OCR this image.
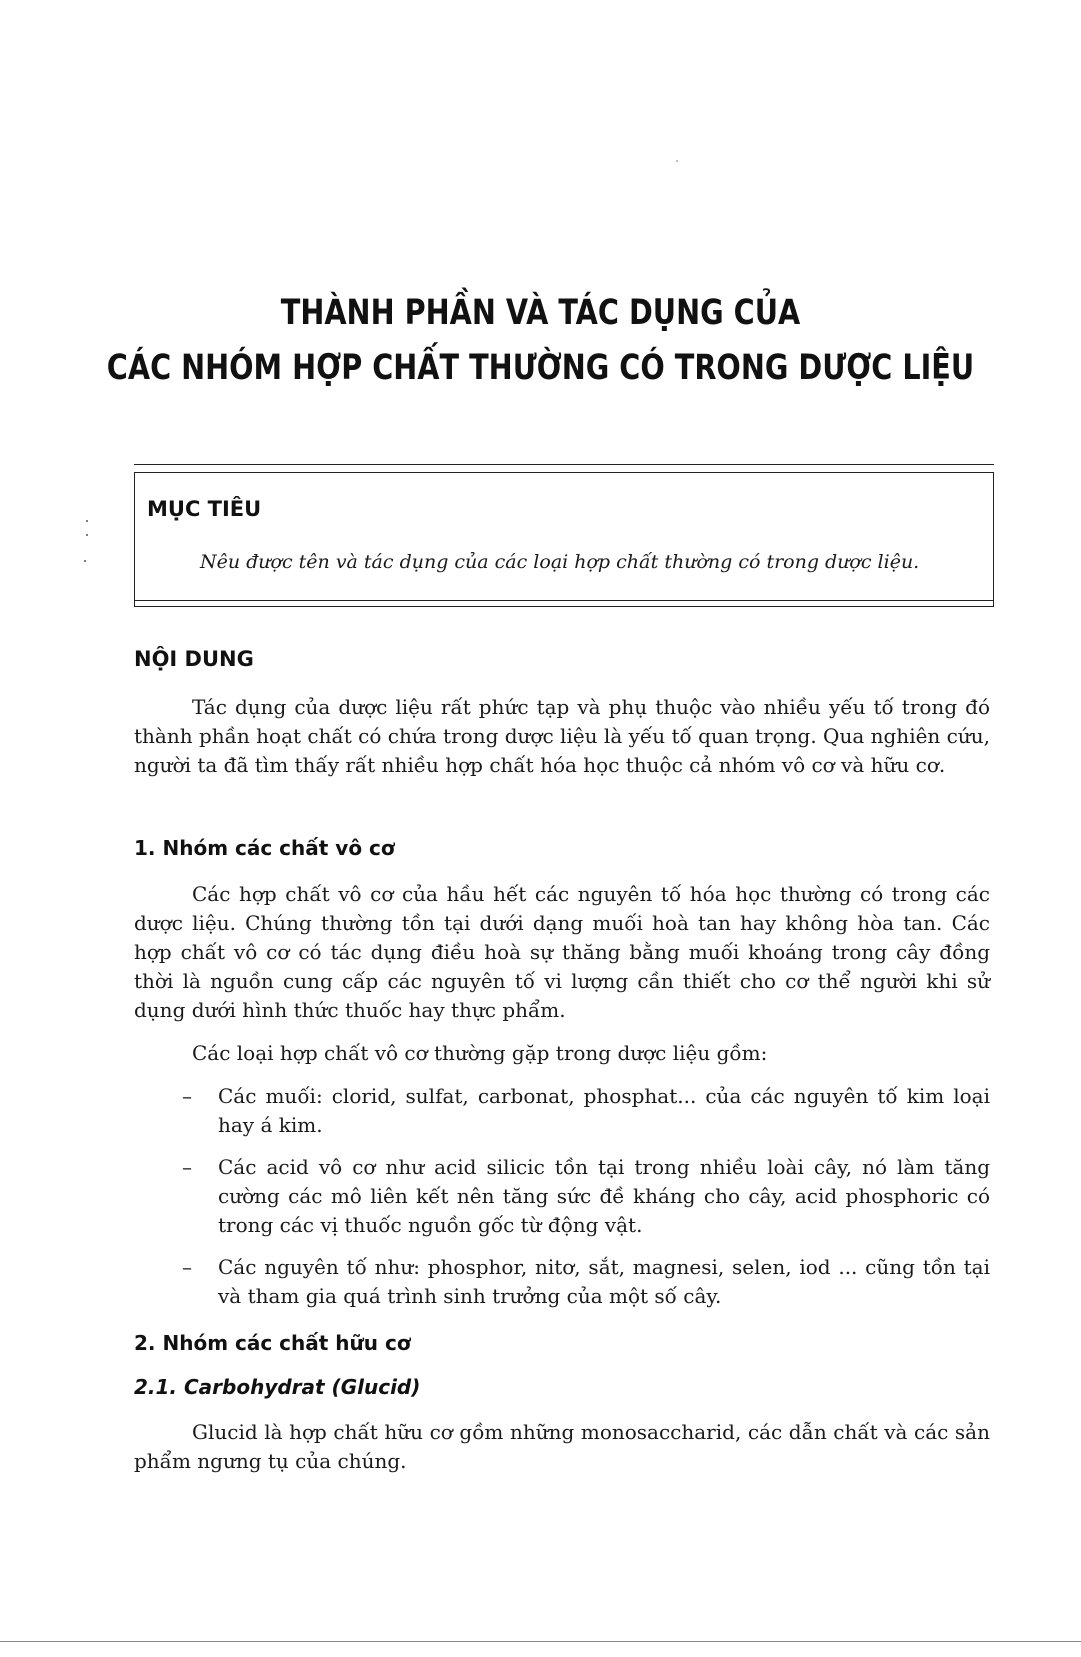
THÀNH PHẦN VÀ TÁC DỤNG CỦA
CÁC NHÓM HỢP CHẤT THƯỜNG CÓ TRONG DƯỢC LIỆU
MỤC TIÊU
Nêu được tên và tác dụng của các loại hợp chất thường có trong dược liệu.
NỘI DUNG
Tác dụng của dược liệu rất phức tạp và phụ thuộc vào nhiều yếu tố trong đó thành phần hoạt chất có chứa trong dược liệu là yếu tố quan trọng. Qua nghiên cứu, người ta đã tìm thấy rất nhiều hợp chất hóa học thuộc cả nhóm vô cơ và hữu cơ.
1. Nhóm các chất vô cơ
Các hợp chất vô cơ của hầu hết các nguyên tố hóa học thường có trong các dược liệu. Chúng thường tồn tại dưới dạng muối hoà tan hay không hòa tan. Các hợp chất vô cơ có tác dụng điều hoà sự thăng bằng muối khoáng trong cây đồng thời là nguồn cung cấp các nguyên tố vi lượng cần thiết cho cơ thể người khi sử dụng dưới hình thức thuốc hay thực phẩm.
Các loại hợp chất vô cơ thường gặp trong dược liệu gồm:
– Các muối: clorid, sulfat, carbonat, phosphat... của các nguyên tố kim loại hay á kim.
– Các acid vô cơ như acid silicic tồn tại trong nhiều loài cây, nó làm tăng cường các mô liên kết nên tăng sức đề kháng cho cây, acid phosphoric có trong các vị thuốc nguồn gốc từ động vật.
– Các nguyên tố như: phosphor, nitơ, sắt, magnesi, selen, iod ... cũng tồn tại và tham gia quá trình sinh trưởng của một số cây.
2. Nhóm các chất hữu cơ
2.1. Carbohydrat (Glucid)
Glucid là hợp chất hữu cơ gồm những monosaccharid, các dẫn chất và các sản phẩm ngưng tụ của chúng.
